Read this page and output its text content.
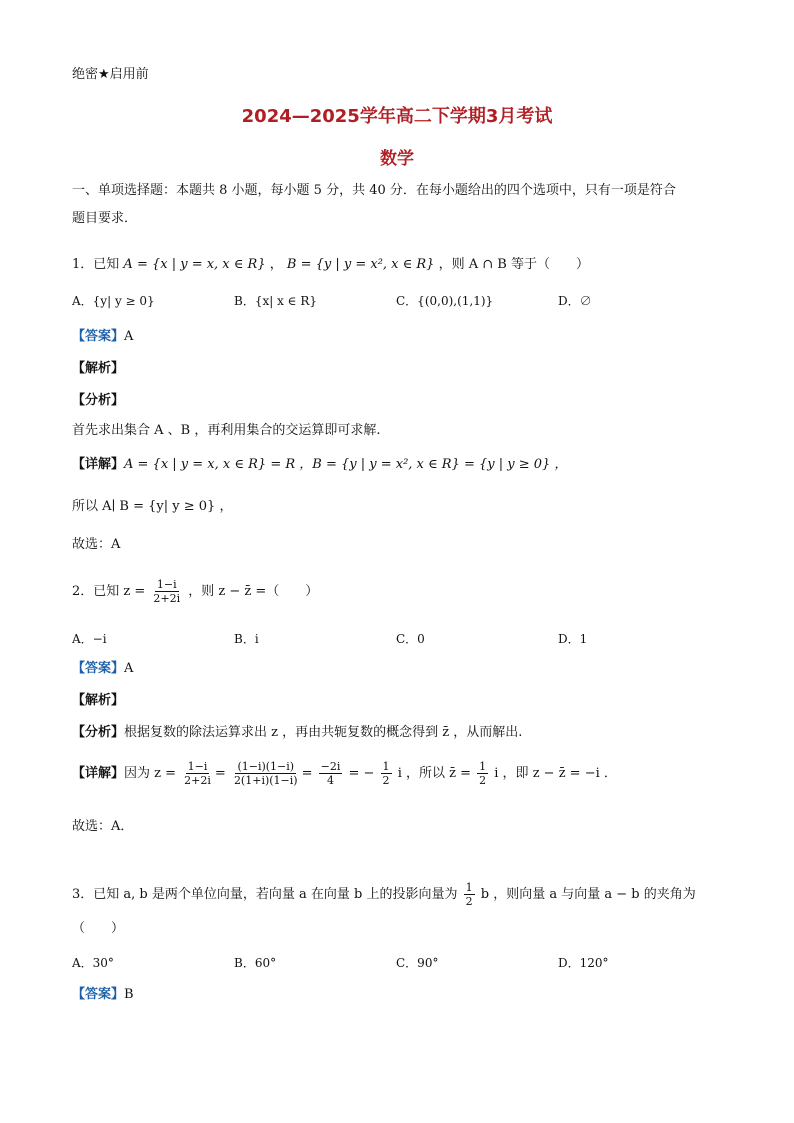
绝密★启用前
2024—2025学年高二下学期3月考试
数学
一、单项选择题：本题共 8 小题，每小题 5 分，共 40 分．在每小题给出的四个选项中，只有一项是符合
题目要求．
1．已知 A = {x | y = x, x ∈ R} ， B = {y | y = x², x ∈ R} ，则 A ∩ B 等于（　　）
A．{y| y ≥ 0}	B．{x| x ∈ R}	C．{(0,0),(1,1)}	D．∅
【答案】A
【解析】
【分析】
首先求出集合 A 、B ，再利用集合的交运算即可求解.
【详解】A = {x | y = x, x ∈ R} = R ，B = {y | y = x², x ∈ R} = {y | y ≥ 0} ，
所以 A∣ B = {y| y ≥ 0} ，
故选：A
2．已知 $z = \frac{1-i}{2+2i}$ ，则 z − z̄ =（　　）
A．−i	B．i	C．0	D．1
【答案】A
【解析】
【分析】根据复数的除法运算求出 z ，再由共轭复数的概念得到 z̄ ，从而解出.
【详解】因为 $z = \frac{1-i}{2+2i} = \frac{(1-i)(1-i)}{2(1+i)(1-i)} = \frac{-2i}{4}$ = − $\frac{1}{2}$ i ，所以 z̄ = $\frac{1}{2}$ i ，即 z − z̄ = −i ．
故选：A．
3．已知 a, b 是两个单位向量，若向量 a 在向量 b 上的投影向量为 $\frac{1}{2}$ b ，则向量 a 与向量 a − b 的夹角为
（　　）
A．30°	B．60°	C．90°	D．120°
【答案】B
